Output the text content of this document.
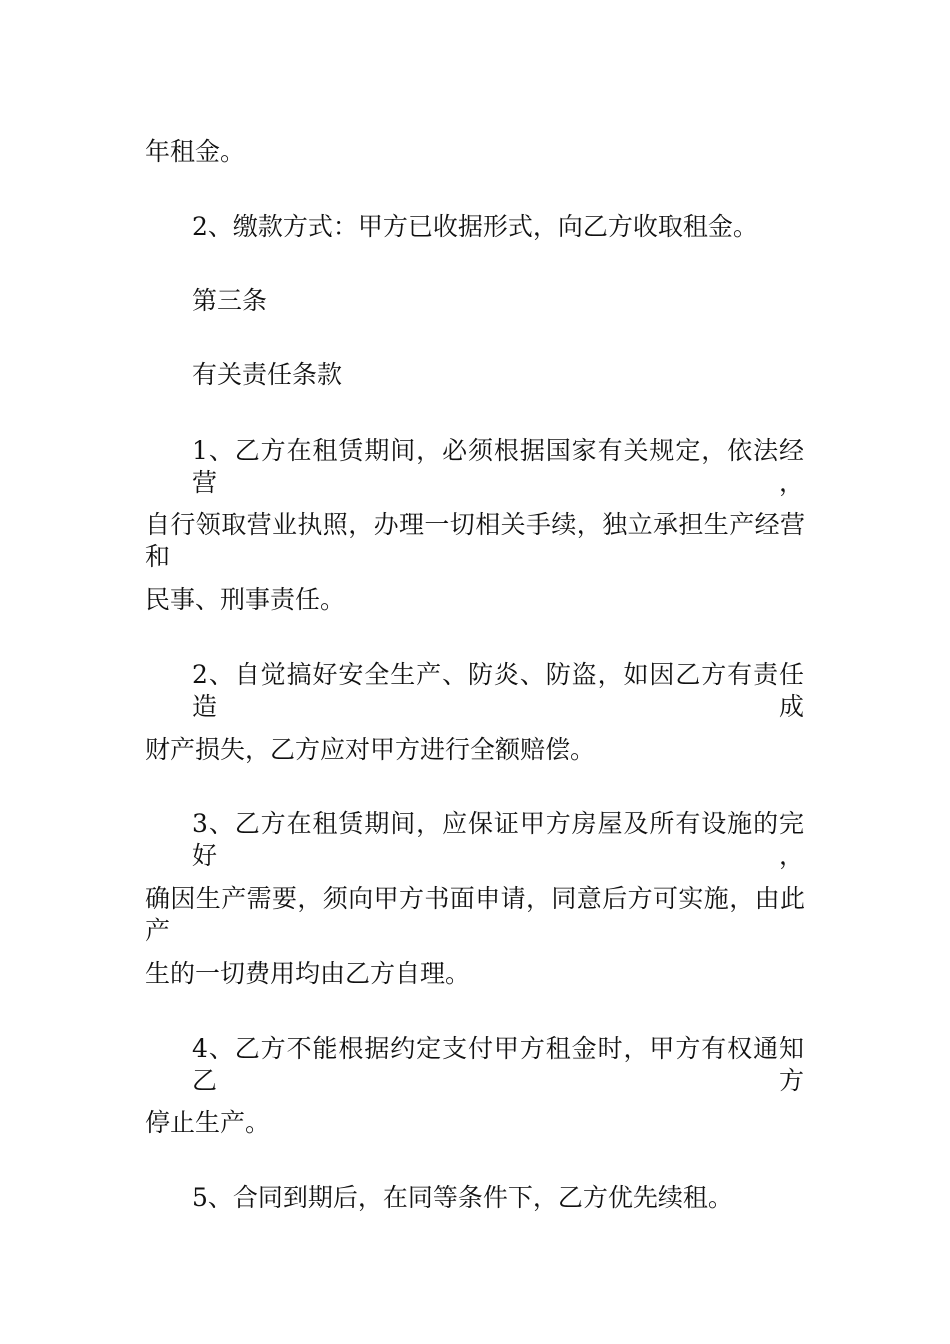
年租金。
2、缴款方式：甲方已收据形式，向乙方收取租金。
第三条
有关责任条款
1、乙方在租赁期间，必须根据国家有关规定，依法经营，
自行领取营业执照，办理一切相关手续，独立承担生产经营和
民事、刑事责任。
2、自觉搞好安全生产、防炎、防盗，如因乙方有责任造成
财产损失，乙方应对甲方进行全额赔偿。
3、乙方在租赁期间，应保证甲方房屋及所有设施的完好，
确因生产需要，须向甲方书面申请，同意后方可实施，由此产
生的一切费用均由乙方自理。
4、乙方不能根据约定支付甲方租金时，甲方有权通知乙方
停止生产。
5、合同到期后，在同等条件下，乙方优先续租。
